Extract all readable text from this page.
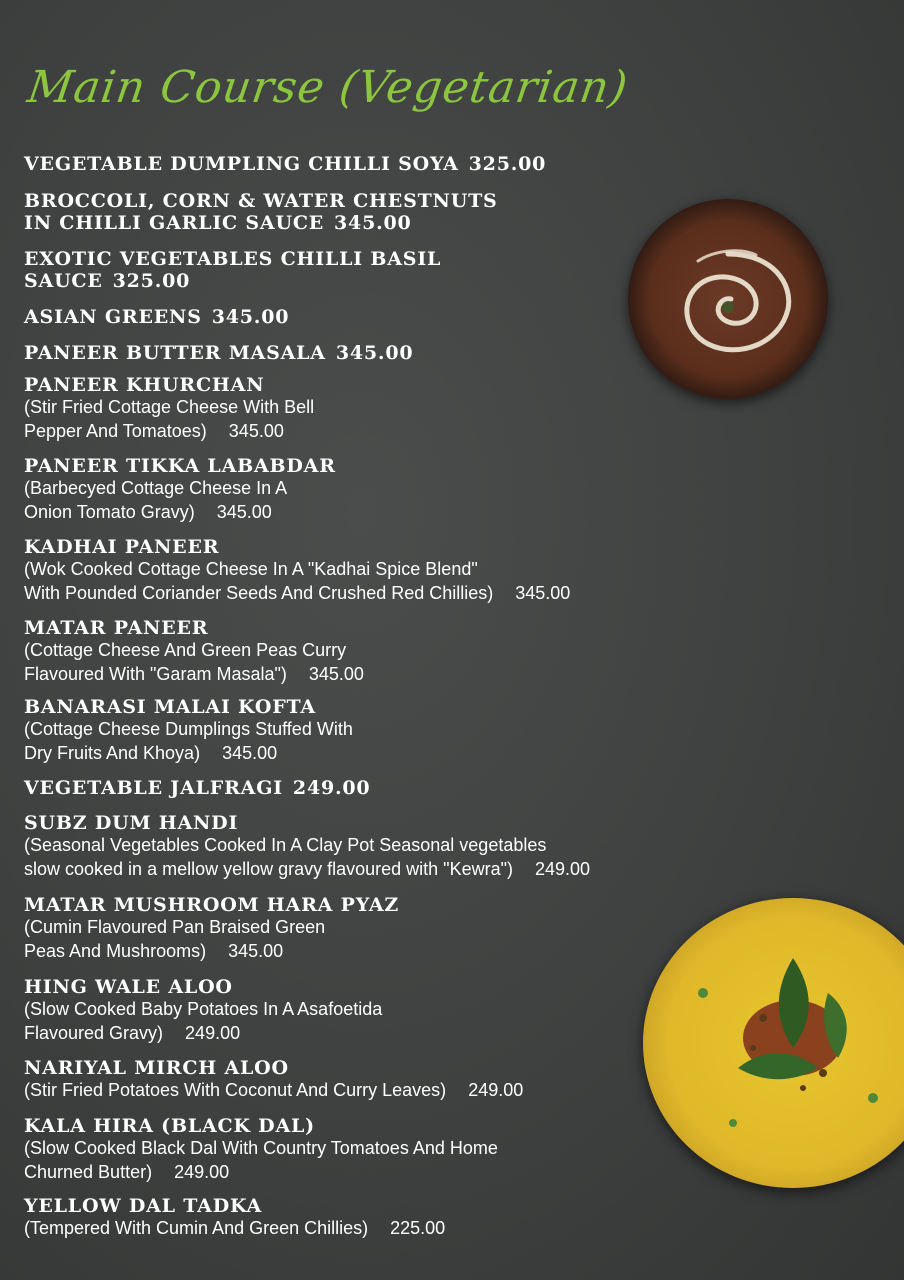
Main Course (Vegetarian)
VEGETABLE DUMPLING CHILLI SOYA 325.00
BROCCOLI, CORN & WATER CHESTNUTS
IN CHILLI GARLIC SAUCE 345.00
EXOTIC VEGETABLES CHILLI BASIL
SAUCE 325.00
ASIAN GREENS 345.00
PANEER BUTTER MASALA 345.00
PANEER KHURCHAN
(Stir Fried Cottage Cheese With Bell
Pepper And Tomatoes) 345.00
PANEER TIKKA LABABDAR
(Barbecyed Cottage Cheese In A
Onion Tomato Gravy) 345.00
KADHAI PANEER
(Wok Cooked Cottage Cheese In A "Kadhai Spice Blend"
With Pounded Coriander Seeds And Crushed Red Chillies) 345.00
MATAR PANEER
(Cottage Cheese And Green Peas Curry
Flavoured With "Garam Masala") 345.00
BANARASI MALAI KOFTA
(Cottage Cheese Dumplings Stuffed With
Dry Fruits And Khoya) 345.00
VEGETABLE JALFRAGI 249.00
SUBZ DUM HANDI
(Seasonal Vegetables Cooked In A Clay Pot Seasonal vegetables
slow cooked in a mellow yellow gravy flavoured with "Kewra") 249.00
MATAR MUSHROOM HARA PYAZ
(Cumin Flavoured Pan Braised Green
Peas And Mushrooms) 345.00
HING WALE ALOO
(Slow Cooked Baby Potatoes In A Asafoetida
Flavoured Gravy) 249.00
NARIYAL MIRCH ALOO
(Stir Fried Potatoes With Coconut And Curry Leaves) 249.00
KALA HIRA (BLACK DAL)
(Slow Cooked Black Dal With Country Tomatoes And Home
Churned Butter) 249.00
YELLOW DAL TADKA
(Tempered With Cumin And Green Chillies) 225.00
